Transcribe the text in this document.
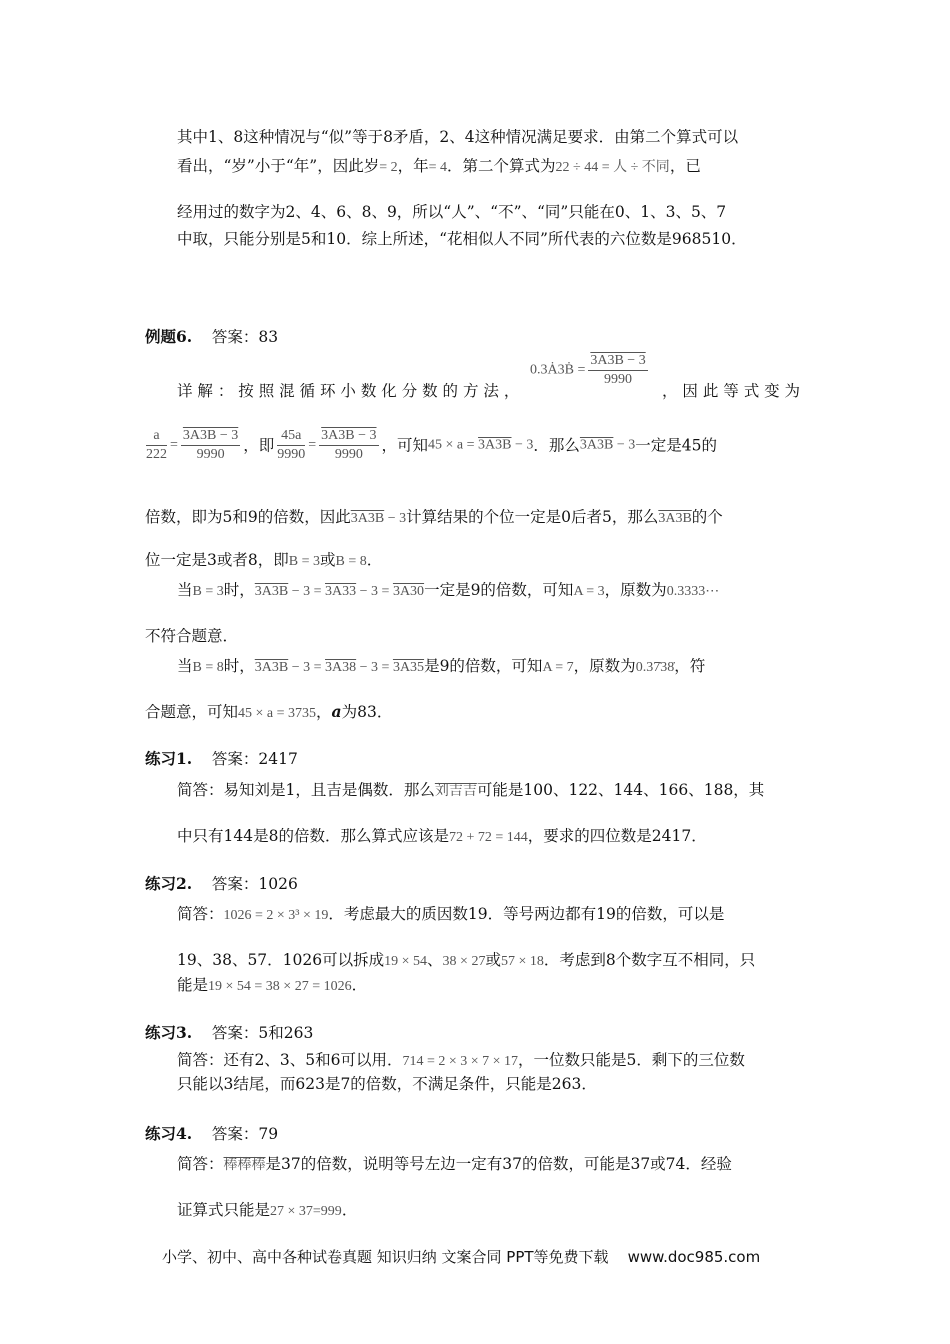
其中1、8这种情况与“似”等于8矛盾，2、4这种情况满足要求．由第二个算式可以
看出，“岁”小于“年”，因此岁= 2，年= 4．第二个算式为22 ÷ 44 = 人 ÷ 不同，已
经用过的数字为2、4、6、8、9，所以“人”、“不”、“同”只能在0、1、3、5、7
中取，只能分别是5和10．综上所述，“花相似人不同”所代表的六位数是968510．
例题6. 答案：83
详 解 ： 按 照 混 循 环 小 数 化 分 数 的 方 法 ，
0.3Ȧ3Ḃ = $\frac{3A3B - 3}{9990}$
， 因 此 等 式 变 为
$\frac{a}{222} = \frac{3A3B - 3}{9990}$ ，即 $\frac{45a}{9990} = \frac{3A3B - 3}{9990}$ ，可知45 × a = 3A3B − 3．那么3A3B − 3一定是45的
倍数，即为5和9的倍数，因此3A3B − 3计算结果的个位一定是0后者5，那么3A3B的个
位一定是3或者8，即B = 3或B = 8．
当B = 3时，3A3B − 3 = 3A33 − 3 = 3A30一定是9的倍数，可知A = 3，原数为0.3333⋯
不符合题意．
当B = 8时，3A3B − 3 = 3A38 − 3 = 3A35是9的倍数，可知A = 7，原数为0.37̇38̇，符
合题意，可知45 × a = 3735，a为83．
练习1. 答案：2417
简答：易知刘是1，且吉是偶数．那么刘吉吉可能是100、122、144、166、188，其
中只有144是8的倍数．那么算式应该是72 + 72 = 144，要求的四位数是2417．
练习2. 答案：1026
简答：1026 = 2 × 3³ × 19．考虑最大的质因数19．等号两边都有19的倍数，可以是
19、38、57．1026可以拆成19 × 54、38 × 27或57 × 18．考虑到8个数字互不相同，只
能是19 × 54 = 38 × 27 = 1026．
练习3. 答案：5和263
简答：还有2、3、5和6可以用．714 = 2 × 3 × 7 × 17，一位数只能是5．剩下的三位数
只能以3结尾，而623是7的倍数，不满足条件，只能是263．
练习4. 答案：79
简答：棒棒棒是37的倍数，说明等号左边一定有37的倍数，可能是37或74．经验
证算式只能是27 × 37=999．
小学、初中、高中各种试卷真题 知识归纳 文案合同 PPT等免费下载 www.doc985.com
